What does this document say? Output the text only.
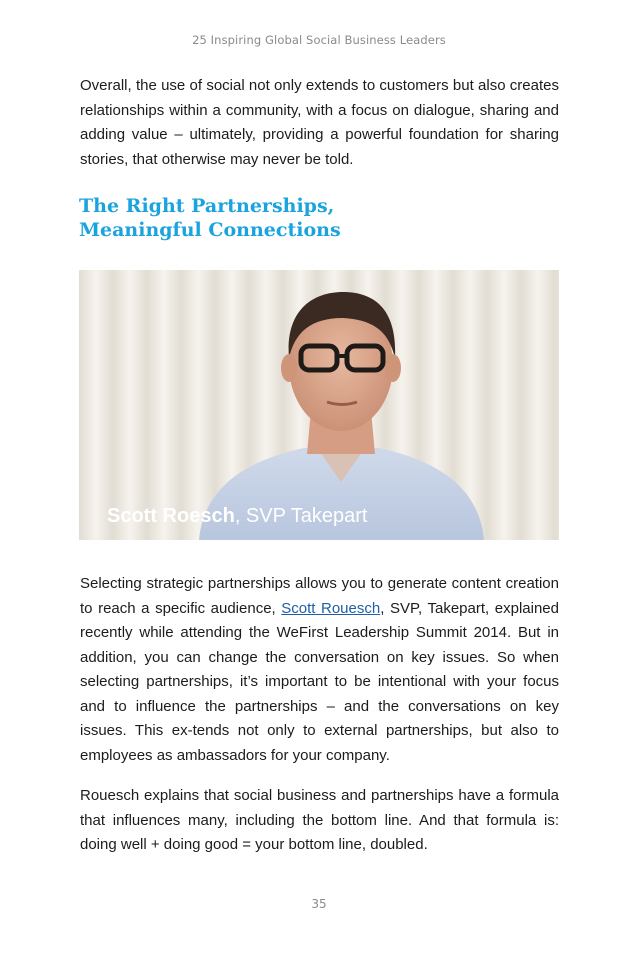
25 Inspiring Global Social Business Leaders

Overall, the use of social not only extends to customers but also creates relationships within a community, with a focus on dialogue, sharing and adding value – ultimately, providing a powerful foundation for sharing stories, that otherwise may never be told.

The Right Partnerships,
Meaningful Connections
Scott Roesch, SVP Takepart

Selecting strategic partnerships allows you to generate content creation to reach a specific audience, Scott Rouesch, SVP, Takepart, explained recently while attending the WeFirst Leadership Summit 2014. But in addition, you can change the conversation on key issues. So when selecting partnerships, it’s important to be intentional with your focus and to influence the partnerships – and the conversations on key issues. This ex-tends not only to external partnerships, but also to employees as ambassadors for your company.

Rouesch explains that social business and partnerships have a formula that influences many, including the bottom line. And that formula is: doing well + doing good = your bottom line, doubled.

35
